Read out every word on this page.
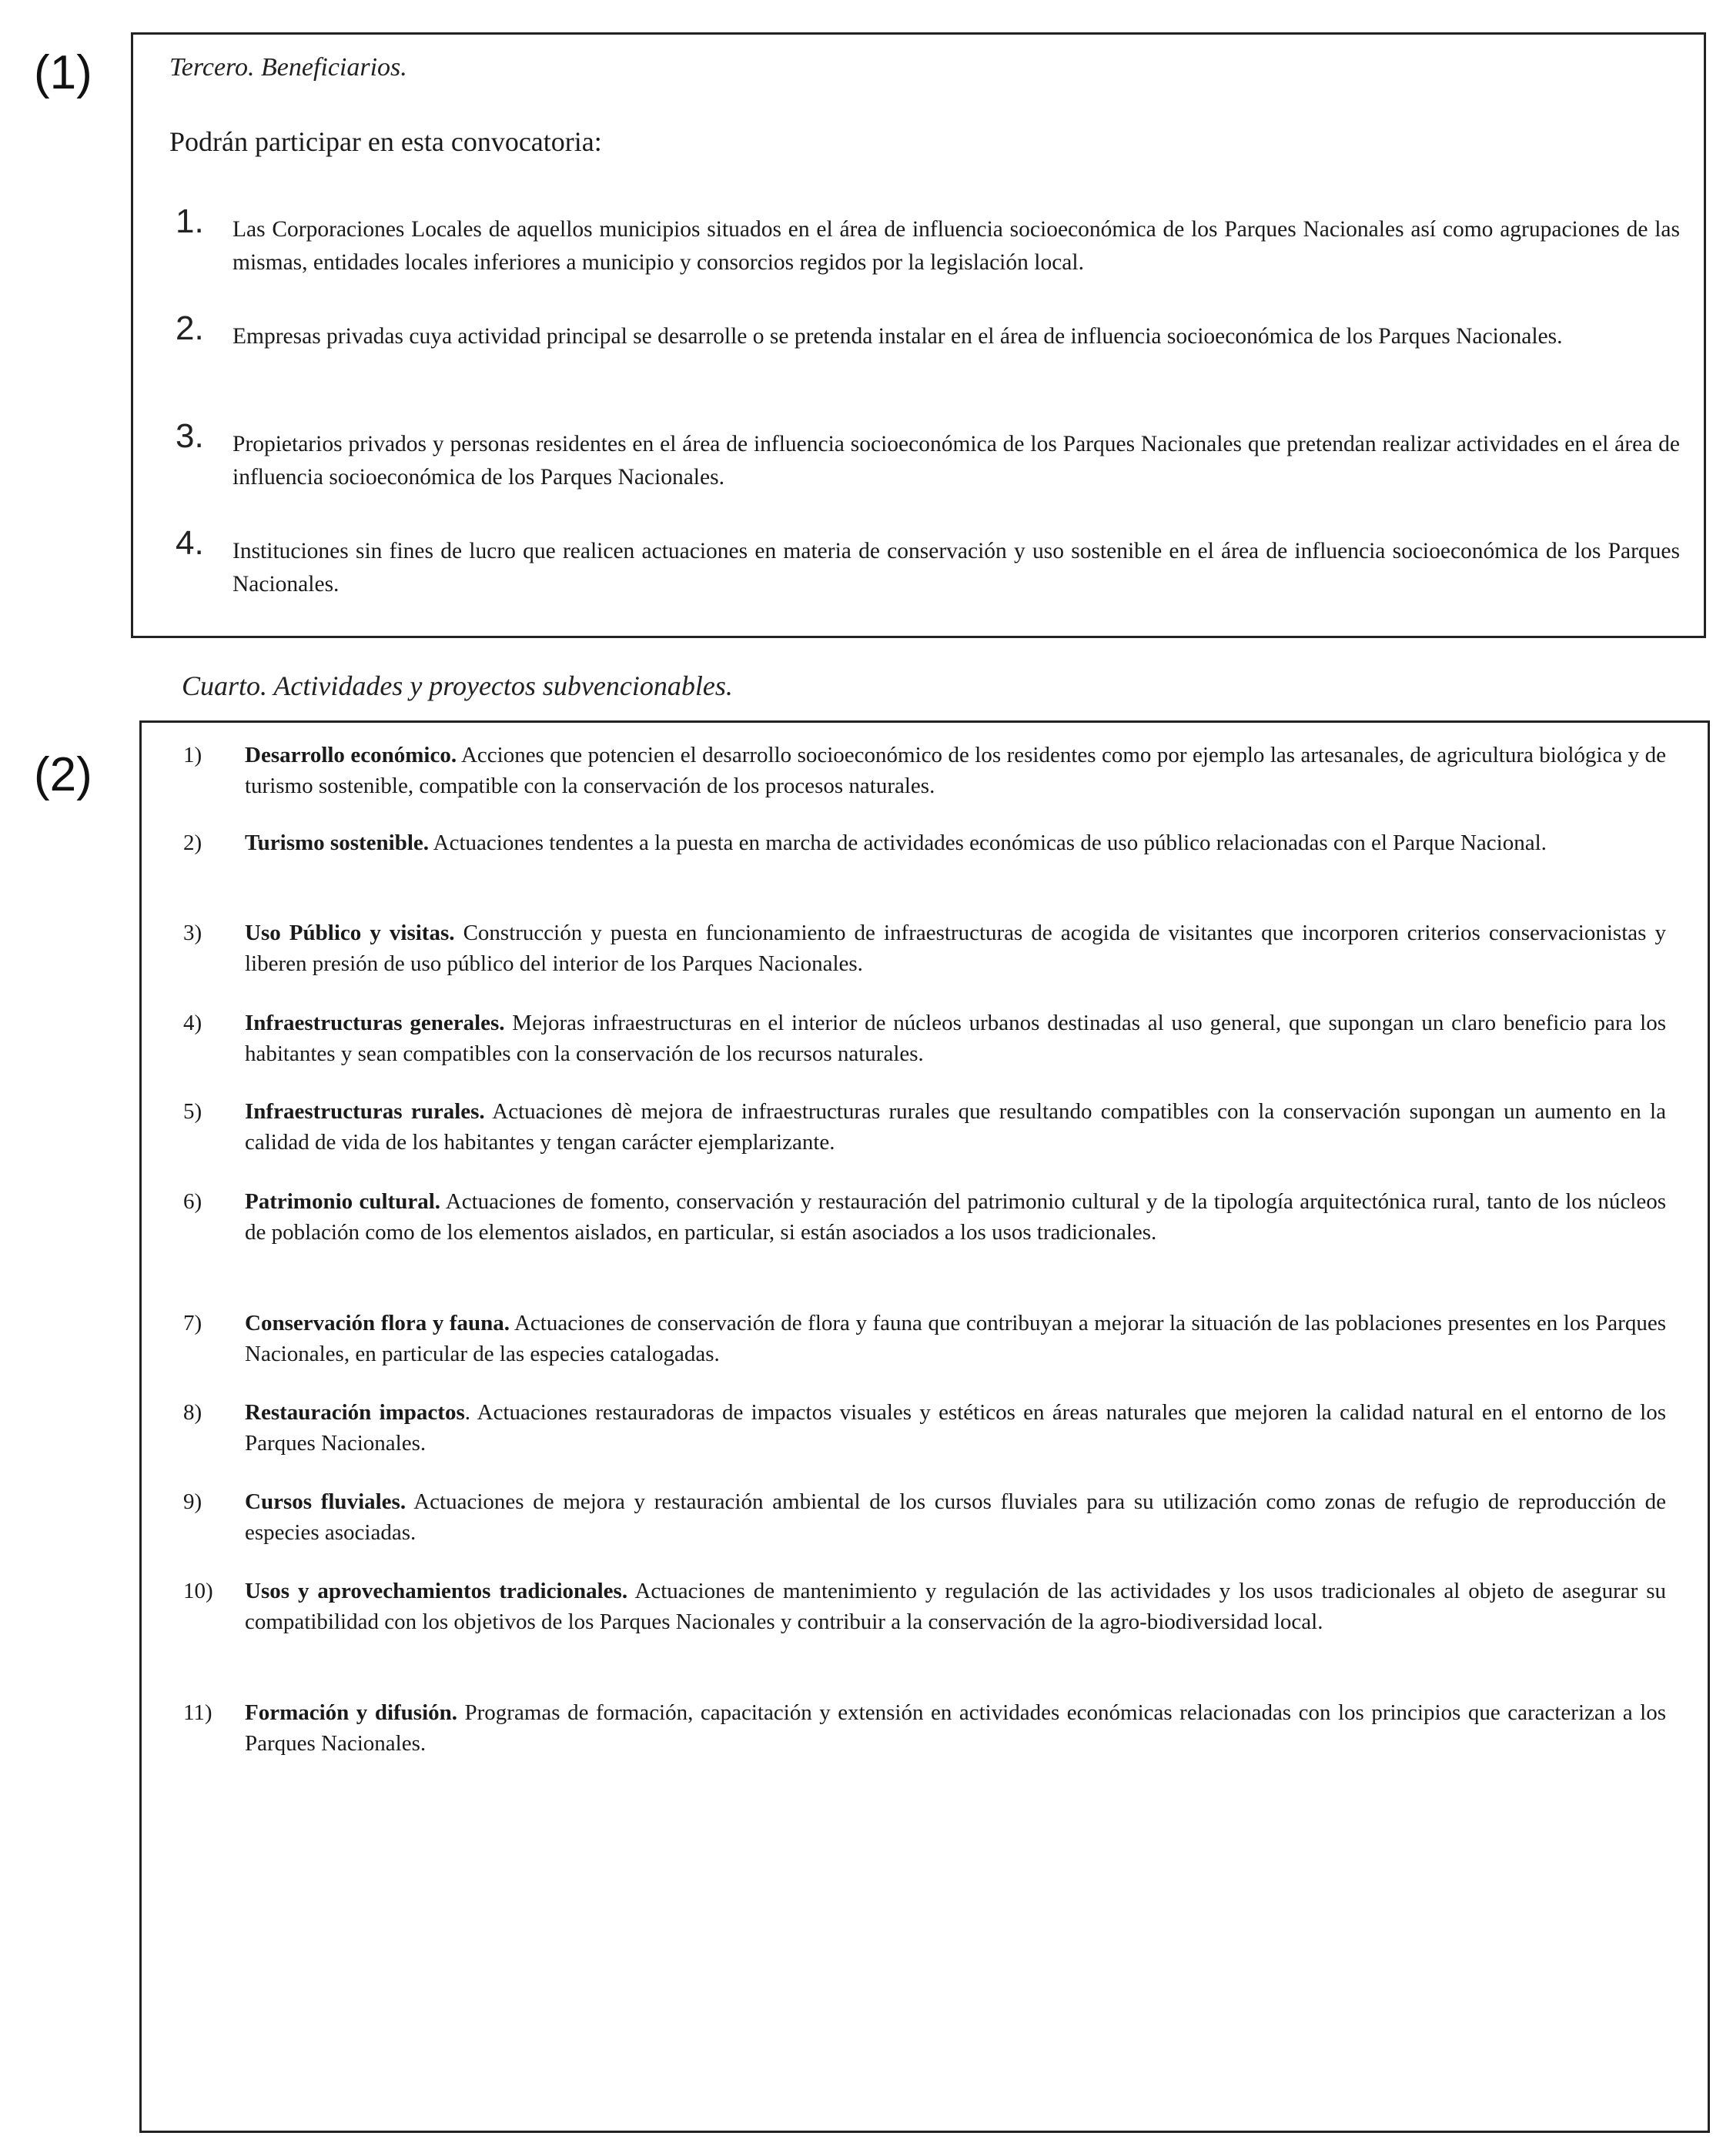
(1)
(2)
Tercero. Beneficiarios.
Podrán participar en esta convocatoria:
1. Las Corporaciones Locales de aquellos municipios situados en el área de influencia socioeconómica de los Parques Nacionales así como agrupaciones de las mismas, entidades locales inferiores a municipio y consorcios regidos por la legislación local.
2. Empresas privadas cuya actividad principal se desarrolle o se pretenda instalar en el área de influencia socioeconómica de los Parques Nacionales.
3. Propietarios privados y personas residentes en el área de influencia socioeconómica de los Parques Nacionales que pretendan realizar actividades en el área de influencia socioeconómica de los Parques Nacionales.
4. Instituciones sin fines de lucro que realicen actuaciones en materia de conservación y uso sostenible en el área de influencia socioeconómica de los Parques Nacionales.
Cuarto. Actividades y proyectos subvencionables.
1) Desarrollo económico. Acciones que potencien el desarrollo socioeconómico de los residentes como por ejemplo las artesanales, de agricultura biológica y de turismo sostenible, compatible con la conservación de los procesos naturales.
2) Turismo sostenible. Actuaciones tendentes a la puesta en marcha de actividades económicas de uso público relacionadas con el Parque Nacional.
3) Uso Público y visitas. Construcción y puesta en funcionamiento de infraestructuras de acogida de visitantes que incorporen criterios conservacionistas y liberen presión de uso público del interior de los Parques Nacionales.
4) Infraestructuras generales. Mejoras infraestructuras en el interior de núcleos urbanos destinadas al uso general, que supongan un claro beneficio para los habitantes y sean compatibles con la conservación de los recursos naturales.
5) Infraestructuras rurales. Actuaciones dè mejora de infraestructuras rurales que resultando compatibles con la conservación supongan un aumento en la calidad de vida de los habitantes y tengan carácter ejemplarizante.
6) Patrimonio cultural. Actuaciones de fomento, conservación y restauración del patrimonio cultural y de la tipología arquitectónica rural, tanto de los núcleos de población como de los elementos aislados, en particular, si están asociados a los usos tradicionales.
7) Conservación flora y fauna. Actuaciones de conservación de flora y fauna que contribuyan a mejorar la situación de las poblaciones presentes en los Parques Nacionales, en particular de las especies catalogadas.
8) Restauración impactos. Actuaciones restauradoras de impactos visuales y estéticos en áreas naturales que mejoren la calidad natural en el entorno de los Parques Nacionales.
9) Cursos fluviales. Actuaciones de mejora y restauración ambiental de los cursos fluviales para su utilización como zonas de refugio de reproducción de especies asociadas.
10) Usos y aprovechamientos tradicionales. Actuaciones de mantenimiento y regulación de las actividades y los usos tradicionales al objeto de asegurar su compatibilidad con los objetivos de los Parques Nacionales y contribuir a la conservación de la agro-biodiversidad local.
11) Formación y difusión. Programas de formación, capacitación y extensión en actividades económicas relacionadas con los principios que caracterizan a los Parques Nacionales.
